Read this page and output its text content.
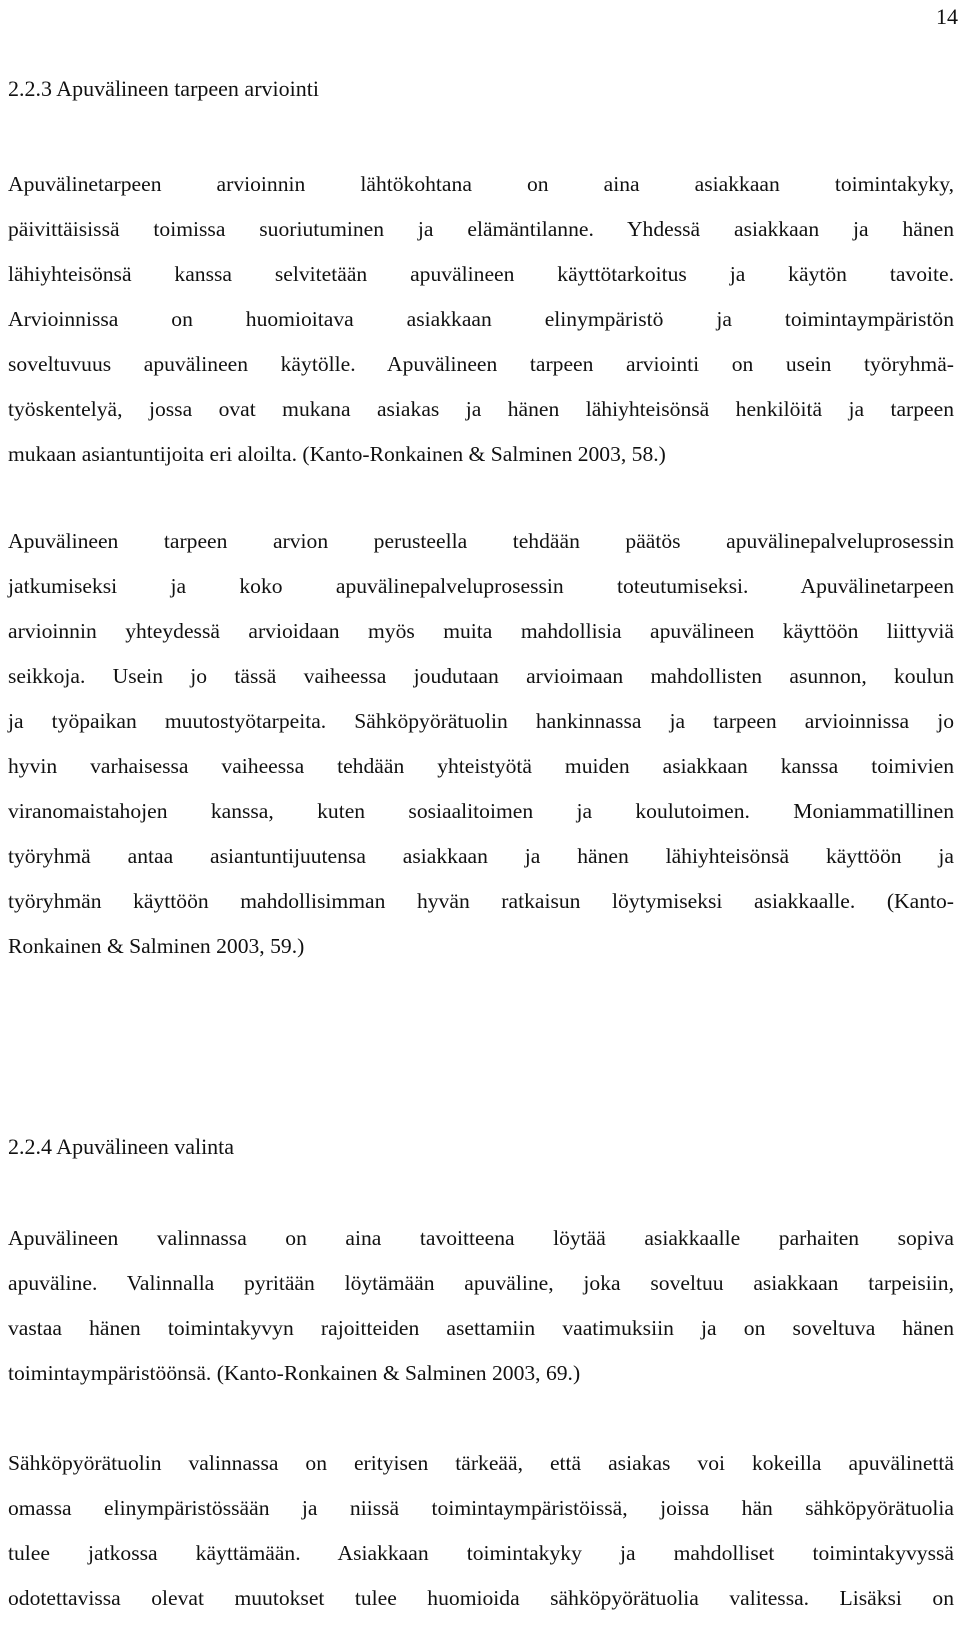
14
2.2.3 Apuvälineen tarpeen arviointi

Apuvälinetarpeen arvioinnin lähtökohtana on aina asiakkaan toimintakyky,
päivittäisissä toimissa suoriutuminen ja elämäntilanne. Yhdessä asiakkaan ja hänen
lähiyhteisönsä kanssa selvitetään apuvälineen käyttötarkoitus ja käytön tavoite.
Arvioinnissa on huomioitava asiakkaan elinympäristö ja toimintaympäristön
soveltuvuus apuvälineen käytölle. Apuvälineen tarpeen arviointi on usein työryhmä-
työskentelyä, jossa ovat mukana asiakas ja hänen lähiyhteisönsä henkilöitä ja tarpeen
mukaan asiantuntijoita eri aloilta. (Kanto-Ronkainen & Salminen 2003, 58.)

Apuvälineen tarpeen arvion perusteella tehdään päätös apuvälinepalveluprosessin
jatkumiseksi ja koko apuvälinepalveluprosessin toteutumiseksi. Apuvälinetarpeen
arvioinnin yhteydessä arvioidaan myös muita mahdollisia apuvälineen käyttöön liittyviä
seikkoja. Usein jo tässä vaiheessa joudutaan arvioimaan mahdollisten asunnon, koulun
ja työpaikan muutostyötarpeita. Sähköpyörätuolin hankinnassa ja tarpeen arvioinnissa jo
hyvin varhaisessa vaiheessa tehdään yhteistyötä muiden asiakkaan kanssa toimivien
viranomaistahojen kanssa, kuten sosiaalitoimen ja koulutoimen. Moniammatillinen
työryhmä antaa asiantuntijuutensa asiakkaan ja hänen lähiyhteisönsä käyttöön ja
työryhmän käyttöön mahdollisimman hyvän ratkaisun löytymiseksi asiakkaalle. (Kanto-
Ronkainen & Salminen 2003, 59.)

2.2.4 Apuvälineen valinta

Apuvälineen valinnassa on aina tavoitteena löytää asiakkaalle parhaiten sopiva
apuväline. Valinnalla pyritään löytämään apuväline, joka soveltuu asiakkaan tarpeisiin,
vastaa hänen toimintakyvyn rajoitteiden asettamiin vaatimuksiin ja on soveltuva hänen
toimintaympäristöönsä. (Kanto-Ronkainen & Salminen 2003, 69.)

Sähköpyörätuolin valinnassa on erityisen tärkeää, että asiakas voi kokeilla apuvälinettä
omassa elinympäristössään ja niissä toimintaympäristöissä, joissa hän sähköpyörätuolia
tulee jatkossa käyttämään. Asiakkaan toimintakyky ja mahdolliset toimintakyvyssä
odotettavissa olevat muutokset tulee huomioida sähköpyörätuolia valitessa. Lisäksi on
